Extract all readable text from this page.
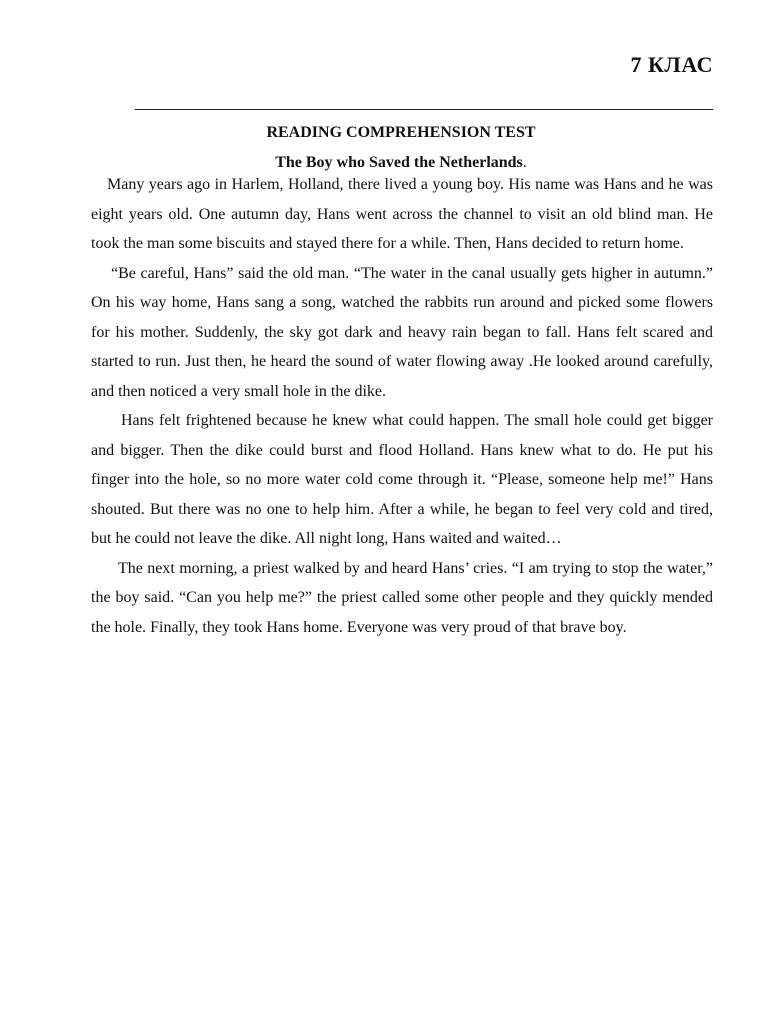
7 КЛАС
READING COMPREHENSION TEST
The Boy who Saved the Netherlands.

Many years ago in Harlem, Holland, there lived a young boy. His name was Hans and he was eight years old. One autumn day, Hans went across the channel to visit an old blind man. He took the man some biscuits and stayed there for a while. Then, Hans decided to return home.

“Be careful, Hans” said the old man. “The water in the canal usually gets higher in autumn.” On his way home, Hans sang a song, watched the rabbits run around and picked some flowers for his mother. Suddenly, the sky got dark and heavy rain began to fall. Hans felt scared and started to run. Just then, he heard the sound of water flowing away .He looked around carefully, and then noticed a very small hole in the dike.

Hans felt frightened because he knew what could happen. The small hole could get bigger and bigger. Then the dike could burst and flood Holland. Hans knew what to do. He put his finger into the hole, so no more water cold come through it. “Please, someone help me!” Hans shouted. But there was no one to help him. After a while, he began to feel very cold and tired, but he could not leave the dike. All night long, Hans waited and waited…

The next morning, a priest walked by and heard Hans’ cries. “I am trying to stop the water,” the boy said. “Can you help me?” the priest called some other people and they quickly mended the hole. Finally, they took Hans home. Everyone was very proud of that brave boy.
